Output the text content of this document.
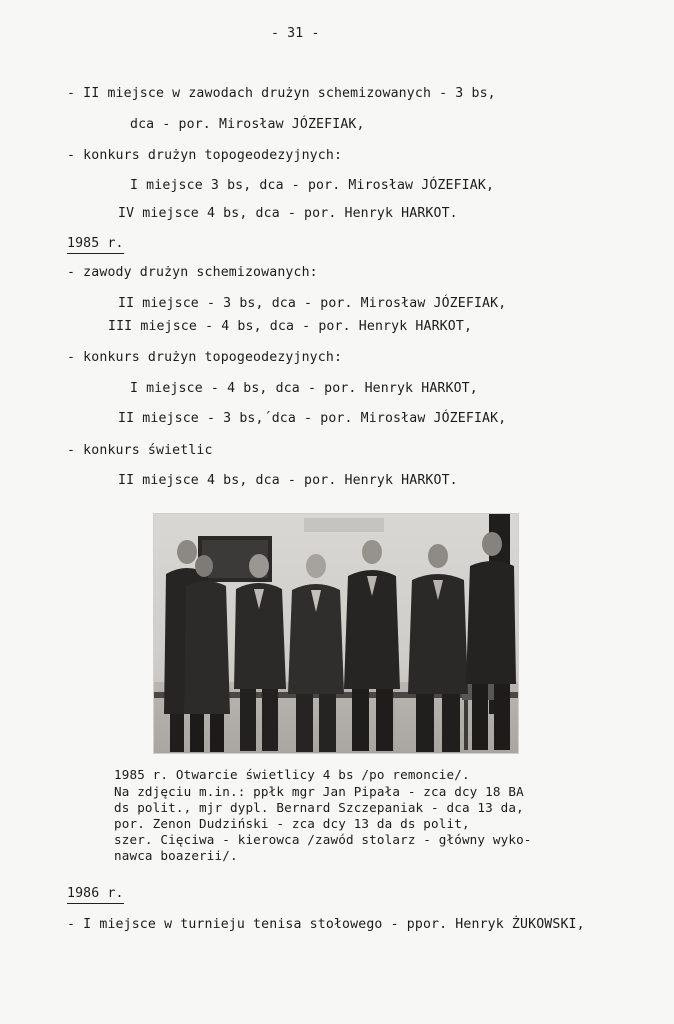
- 31 -
- II miejsce w zawodach drużyn schemizowanych - 3 bs,
dca - por. Mirosław JÓZEFIAK,
- konkurs drużyn topogeodezyjnych:
I miejsce 3 bs, dca - por. Mirosław JÓZEFIAK,
IV miejsce 4 bs, dca - por. Henryk HARKOT.
1985 r.
- zawody drużyn schemizowanych:
II miejsce - 3 bs, dca - por. Mirosław JÓZEFIAK,
III miejsce - 4 bs, dca - por. Henryk HARKOT,
- konkurs drużyn topogeodezyjnych:
I miejsce - 4 bs, dca - por. Henryk HARKOT,
II miejsce - 3 bs,´dca - por. Mirosław JÓZEFIAK,
- konkurs świetlic
II miejsce 4 bs, dca - por. Henryk HARKOT.
1985 r. Otwarcie świetlicy 4 bs /po remoncie/.
Na zdjęciu m.in.: ppłk mgr Jan Pipała - zca dcy 18 BA
ds polit., mjr dypl. Bernard Szczepaniak - dca 13 da,
por. Zenon Dudziński - zca dcy 13 da ds polit,
szer. Cięciwa - kierowca /zawód stolarz - główny wyko-
nawca boazerii/.
1986 r.
- I miejsce w turnieju tenisa stołowego - ppor. Henryk ŻUKOWSKI,
